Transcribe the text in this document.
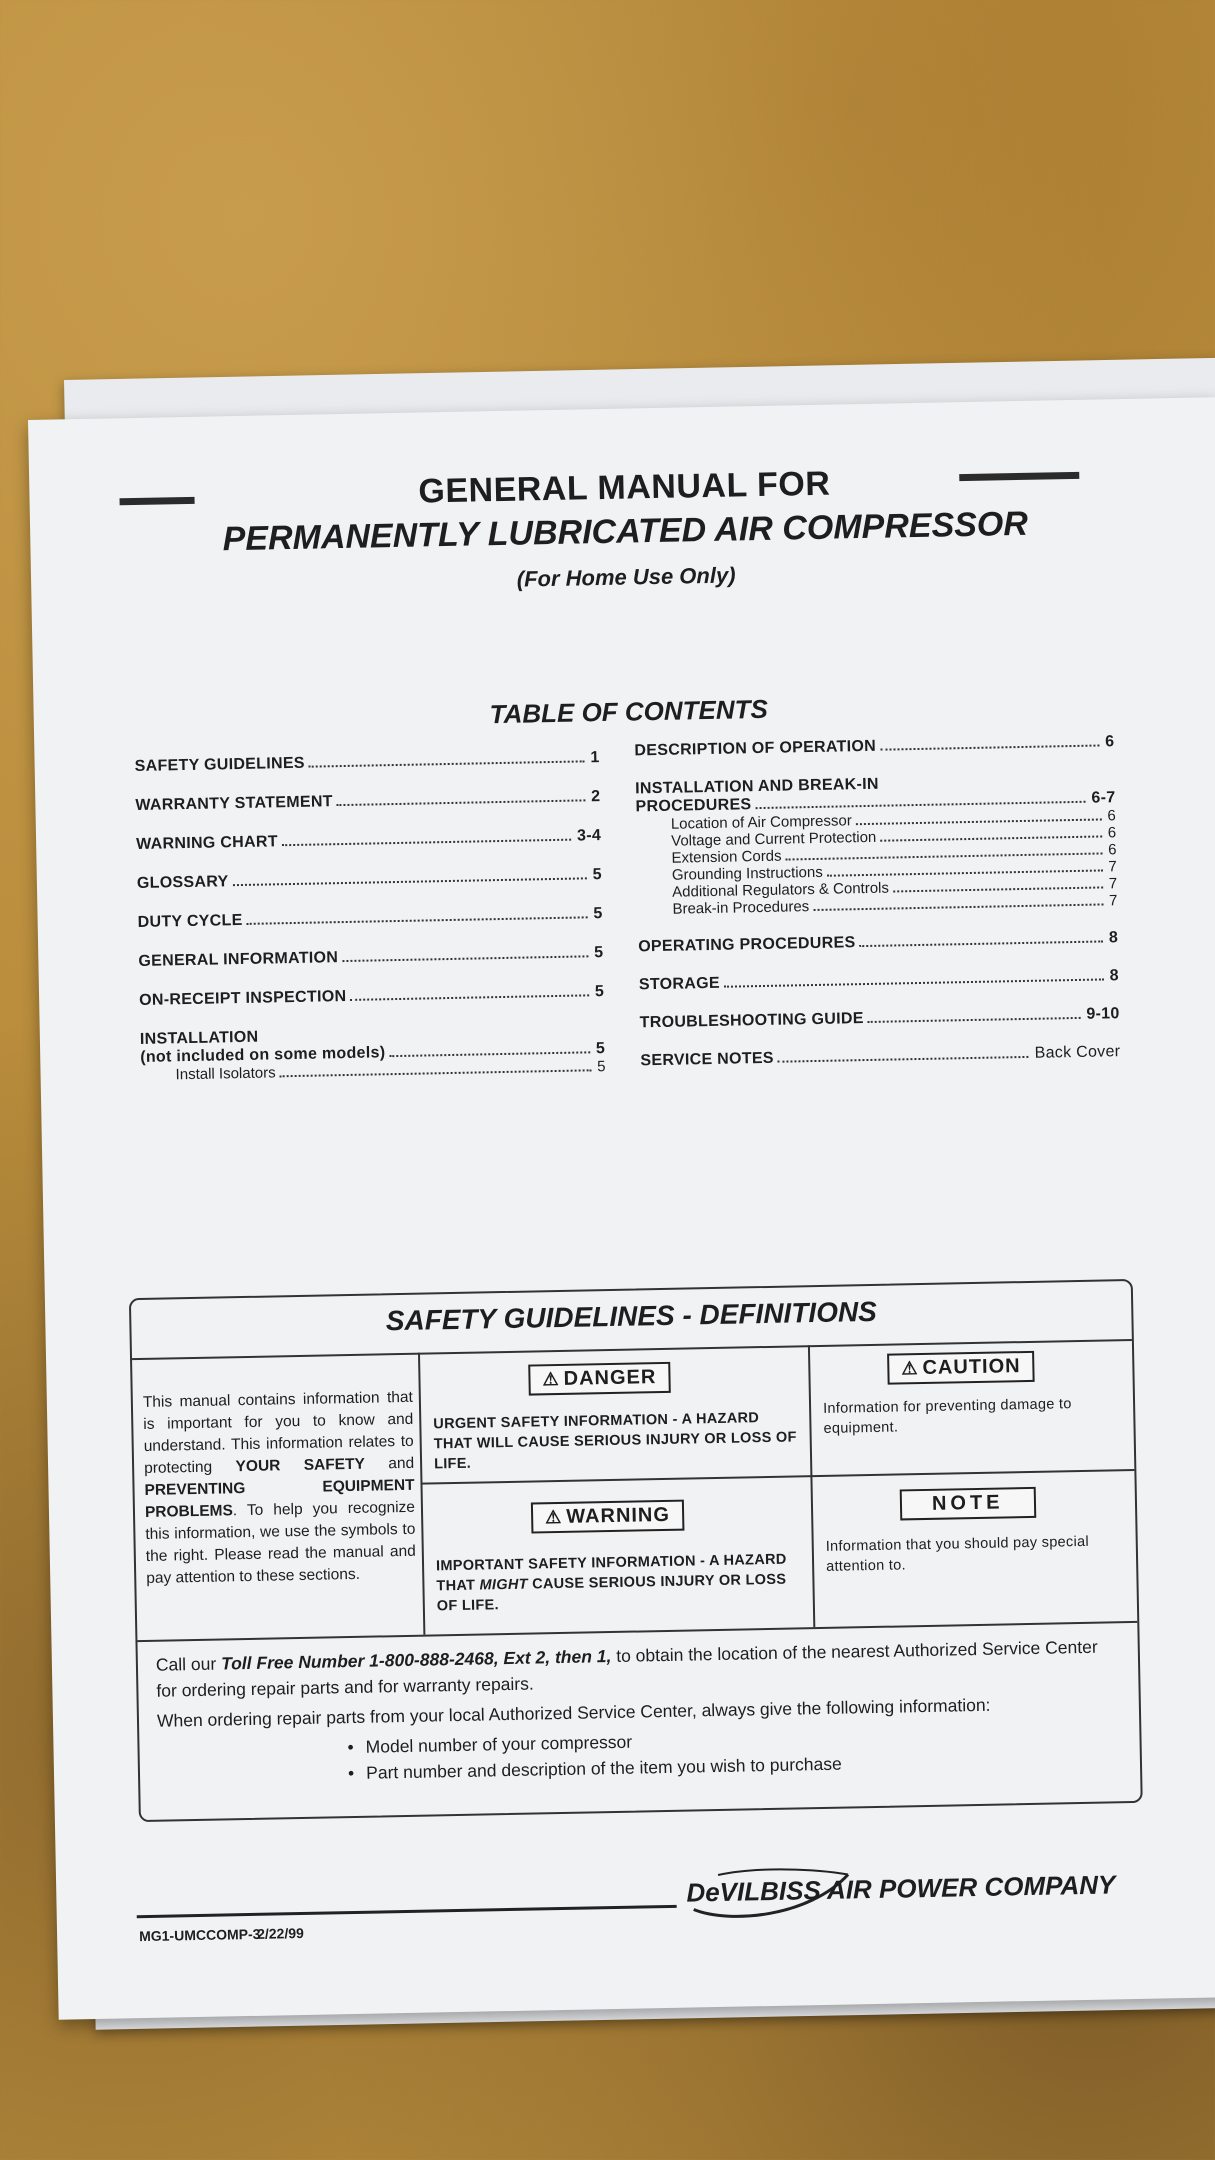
GENERAL MANUAL FOR
PERMANENTLY LUBRICATED AIR COMPRESSOR
(For Home Use Only)
TABLE OF CONTENTS
SAFETY GUIDELINES	1
WARRANTY STATEMENT	2
WARNING CHART	3-4
GLOSSARY	5
DUTY CYCLE	5
GENERAL INFORMATION	5
ON-RECEIPT INSPECTION	5
INSTALLATION
(not included on some models)	5
Install Isolators	5
DESCRIPTION OF OPERATION	6
INSTALLATION AND BREAK-IN
PROCEDURES	6-7
Location of Air Compressor	6
Voltage and Current Protection	6
Extension Cords	6
Grounding Instructions	7
Additional Regulators & Controls	7
Break-in Procedures	7
OPERATING PROCEDURES	8
STORAGE	8
TROUBLESHOOTING GUIDE	9-10
SERVICE NOTES	Back Cover
SAFETY GUIDELINES - DEFINITIONS
This manual contains information that is important for you to know and understand. This information relates to protecting YOUR SAFETY and PREVENTING EQUIPMENT PROBLEMS. To help you recognize this information, we use the symbols to the right. Please read the manual and pay attention to these sections.
⚠ DANGER
URGENT SAFETY INFORMATION - A HAZARD THAT WILL CAUSE SERIOUS INJURY OR LOSS OF LIFE.
⚠ CAUTION
Information for preventing damage to equipment.
⚠ WARNING
IMPORTANT SAFETY INFORMATION - A HAZARD THAT MIGHT CAUSE SERIOUS INJURY OR LOSS OF LIFE.
NOTE
Information that you should pay special attention to.

Call our Toll Free Number 1-800-888-2468, Ext 2, then 1, to obtain the location of the nearest Authorized Service Center for ordering repair parts and for warranty repairs.

When ordering repair parts from your local Authorized Service Center, always give the following information:

• Model number of your compressor
• Part number and description of the item you wish to purchase
MG1-UMCCOMP-3
2/22/99
DeVILBISS AIR POWER COMPANY
